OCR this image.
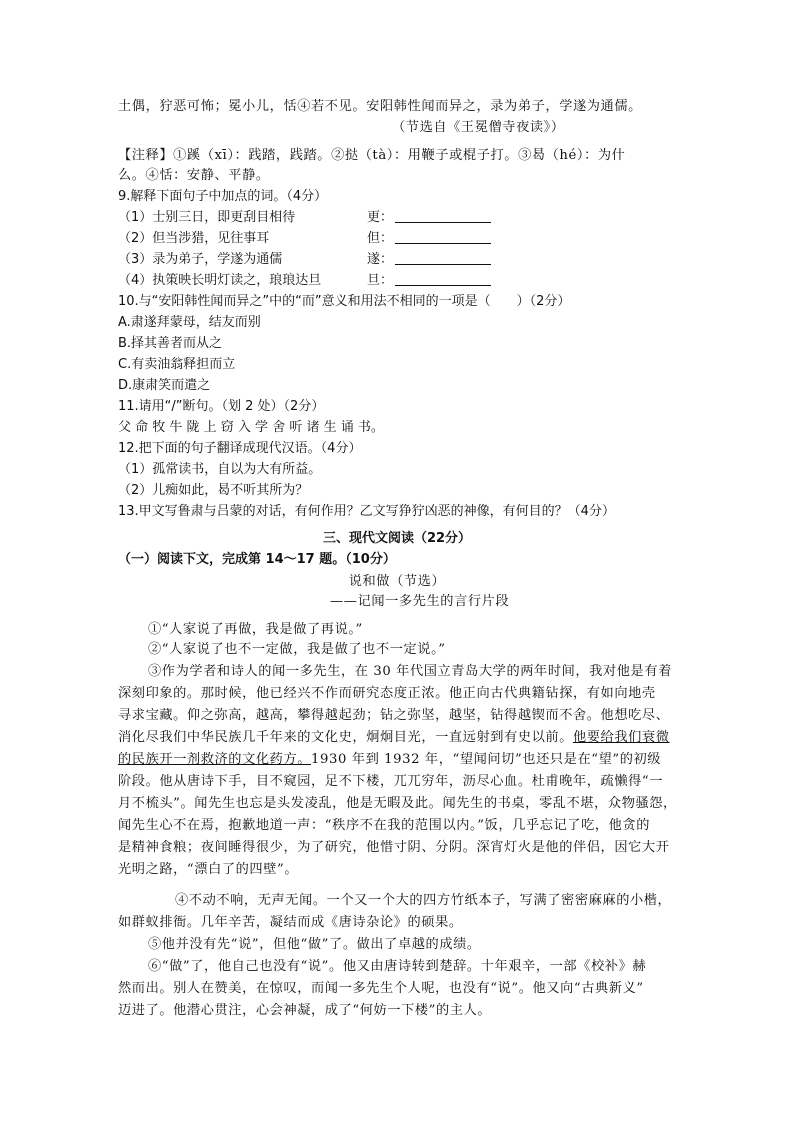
土偶，狞恶可怖；冕小儿，恬④若不见。安阳韩性闻而异之，录为弟子，学遂为通儒。
（节选自《王冕僧寺夜读》）
【注释】①蹊（xī）：践踏，践踏。②挞（tà）：用鞭子或棍子打。③曷（hé）：为什
么。④恬：安静、平静。
9.解释下面句子中加点的词。（4分）
（1）士别三日，即更刮目相待	更：
（2）但当涉猎，见往事耳	但：
（3）录为弟子，学遂为通儒	遂：
（4）执策映长明灯读之，琅琅达旦	旦：
10.与“安阳韩性闻而异之”中的“而”意义和用法不相同的一项是（　　）（2分）
A.肃遂拜蒙母，结友而别
B.择其善者而从之
C.有卖油翁释担而立
D.康肃笑而遣之
11.请用“/”断句。（划 2 处）（2分）
父 命 牧 牛 陇 上 窃 入 学 舍 听 诸 生 诵 书。
12.把下面的句子翻译成现代汉语。（4分）
（1）孤常读书，自以为大有所益。
（2）儿痴如此，曷不听其所为？
13.甲文写鲁肃与吕蒙的对话，有何作用？乙文写狰狞凶恶的神像，有何目的？（4分）
三、现代文阅读（22分）
（一）阅读下文，完成第 14～17 题。（10分）
说和做（节选）
——记闻一多先生的言行片段
①“人家说了再做，我是做了再说。”
②“人家说了也不一定做，我是做了也不一定说。”
③作为学者和诗人的闻一多先生，在 30 年代国立青岛大学的两年时间，我对他是有着
深刻印象的。那时候，他已经兴不作而研究态度正浓。他正向古代典籍钻探，有如向地壳
寻求宝藏。仰之弥高，越高，攀得越起劲；钻之弥坚，越坚，钻得越锲而不舍。他想吃尽、
消化尽我们中华民族几千年来的文化史，炯炯目光，一直远射到有史以前。他要给我们衰微
的民族开一剂救济的文化药方。1930 年到 1932 年，“望闻问切”也还只是在“望”的初级
阶段。他从唐诗下手，目不窥园，足不下楼，兀兀穷年，沥尽心血。杜甫晚年，疏懒得“一
月不梳头”。闻先生也忘是头发凌乱，他是无暇及此。闻先生的书桌，零乱不堪，众物骚怨，
闻先生心不在焉，抱歉地道一声：“秩序不在我的范围以内。”饭，几乎忘记了吃，他贪的
是精神食粮；夜间睡得很少，为了研究，他惜寸阴、分阴。深宵灯火是他的伴侣，因它大开
光明之路，“漂白了的四壁”。
④不动不响，无声无闻。一个又一个大的四方竹纸本子，写满了密密麻麻的小楷，
如群蚁排衙。几年辛苦，凝结而成《唐诗杂论》的硕果。
⑤他并没有先“说”，但他“做”了。做出了卓越的成绩。
⑥“做”了，他自己也没有“说”。他又由唐诗转到楚辞。十年艰辛，一部《校补》赫
然而出。别人在赞美，在惊叹，而闻一多先生个人呢，也没有“说”。他又向“古典新义”
迈进了。他潜心贯注，心会神凝，成了“何妨一下楼”的主人。
